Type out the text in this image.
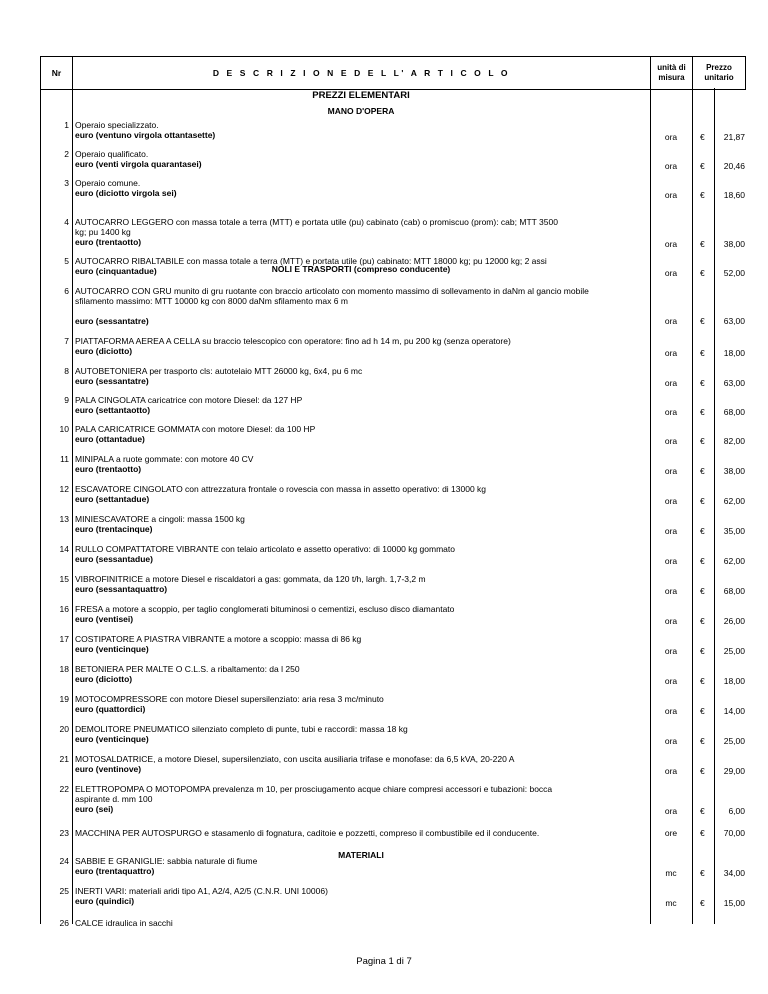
Nr	D E S C R I Z I O N E D E L L' A R T I C O L O	
unità di
misura

Prezzo
unitario
PREZZI ELEMENTARI
MANO D'OPERA
NOLI E TRASPORTI (compreso conducente)
MATERIALI
1 Operaio specializzato.
euro (ventuno virgola ottantasette)	ora	€	21,87
2 Operaio qualificato.
euro (venti virgola quarantasei)	ora	€	20,46
3 Operaio comune.
euro (diciotto virgola sei)	ora	€	18,60
4 AUTOCARRO LEGGERO con massa totale a terra (MTT) e portata utile (pu) cabinato (cab) o promiscuo (prom): cab; MTT 3500
kg; pu 1400 kg
euro (trentaotto)	ora	€	38,00
5 AUTOCARRO RIBALTABILE con massa totale a terra (MTT) e portata utile (pu) cabinato: MTT 18000 kg; pu 12000 kg; 2 assi
euro (cinquantadue)	ora	€	52,00
6 AUTOCARRO CON GRU munito di gru ruotante con braccio articolato con momento massimo di sollevamento in daNm al gancio mobile
sfilamento massimo: MTT 10000 kg con 8000 daNm sfilamento max 6 m
euro (sessantatre)	ora	€	63,00
7 PIATTAFORMA AEREA A CELLA su braccio telescopico con operatore: fino ad h 14 m, pu 200 kg (senza operatore)
euro (diciotto)	ora	€	18,00
8 AUTOBETONIERA per trasporto cls: autotelaio MTT 26000 kg, 6x4, pu 6 mc
euro (sessantatre)	ora	€	63,00
9 PALA CINGOLATA caricatrice con motore Diesel: da 127 HP
euro (settantaotto)	ora	€	68,00
10 PALA CARICATRICE GOMMATA con motore Diesel: da 100 HP
euro (ottantadue)	ora	€	82,00
11 MINIPALA a ruote gommate: con motore 40 CV
euro (trentaotto)	ora	€	38,00
12 ESCAVATORE CINGOLATO con attrezzatura frontale o rovescia con massa in assetto operativo: di 13000 kg
euro (settantadue)	ora	€	62,00
13 MINIESCAVATORE a cingoli: massa 1500 kg
euro (trentacinque)	ora	€	35,00
14 RULLO COMPATTATORE VIBRANTE con telaio articolato e assetto operativo: di 10000 kg gommato
euro (sessantadue)	ora	€	62,00
15 VIBROFINITRICE a motore Diesel e riscaldatori a gas: gommata, da 120 t/h, largh. 1,7-3,2 m
euro (sessantaquattro)	ora	€	68,00
16 FRESA a motore a scoppio, per taglio conglomerati bituminosi o cementizi, escluso disco diamantato
euro (ventisei)	ora	€	26,00
17 COSTIPATORE A PIASTRA VIBRANTE a motore a scoppio: massa di 86 kg
euro (venticinque)	ora	€	25,00
18 BETONIERA PER MALTE O C.L.S. a ribaltamento: da l 250
euro (diciotto)	ora	€	18,00
19 MOTOCOMPRESSORE con motore Diesel supersilenziato: aria resa 3 mc/minuto
euro (quattordici)	ora	€	14,00
20 DEMOLITORE PNEUMATICO silenziato completo di punte, tubi e raccordi: massa 18 kg
euro (venticinque)	ora	€	25,00
21 MOTOSALDATRICE, a motore Diesel, supersilenziato, con uscita ausiliaria trifase e monofase: da 6,5 kVA, 20-220 A
euro (ventinove)	ora	€	29,00
22 ELETTROPOMPA O MOTOPOMPA prevalenza m 10, per prosciugamento acque chiare compresi accessori e tubazioni: bocca
aspirante d. mm 100
euro (sei)	ora	€	6,00
23 MACCHINA PER AUTOSPURGO e stasamenlo di fognatura, caditoie e pozzetti, compreso il combustibile ed il conducente.	ore	€	70,00
24 SABBIE E GRANIGLIE: sabbia naturale di fiume
euro (trentaquattro)	mc	€	34,00
25 INERTI VARI: materiali aridi tipo A1, A2/4, A2/5 (C.N.R. UNI 10006)
euro (quindici)	mc	€	15,00
26 CALCE idraulica in sacchi
Pagina 1 di 7
